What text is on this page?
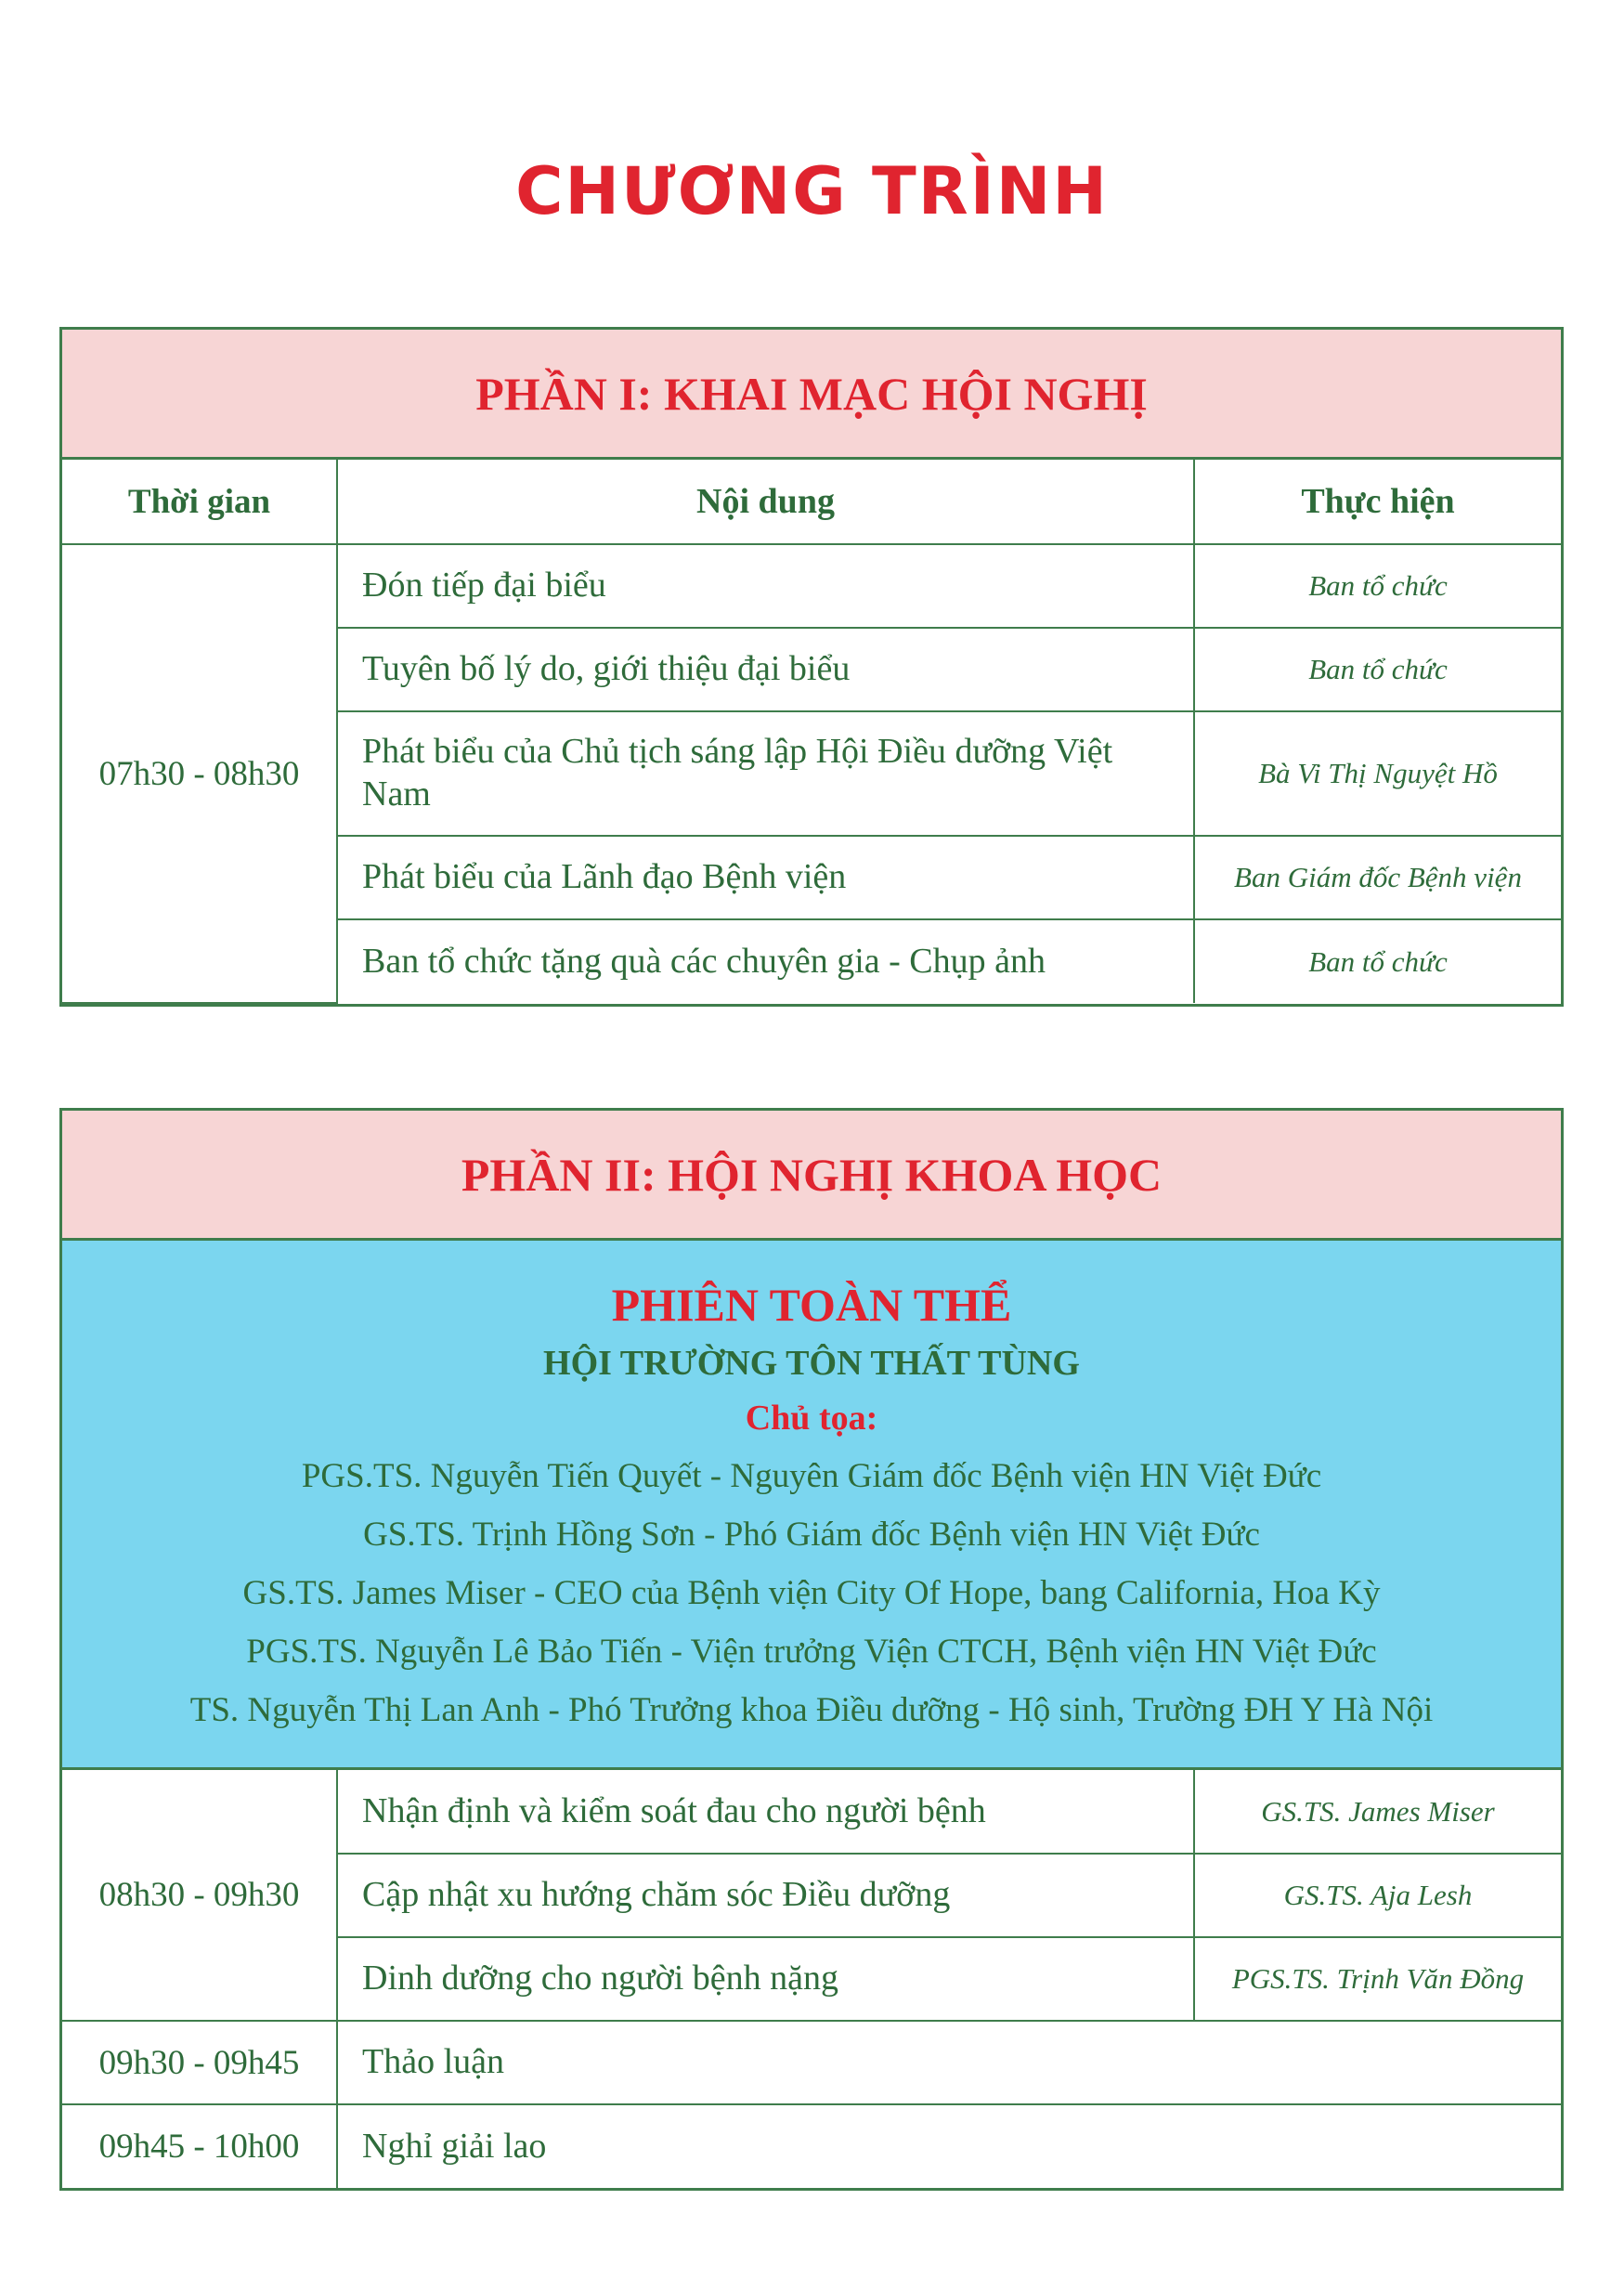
CHƯƠNG TRÌNH
PHẦN I: KHAI MẠC HỘI NGHỊ
Thời gian	Nội dung	Thực hiện
07h30 - 08h30	Đón tiếp đại biểu	Ban tổ chức
	Tuyên bố lý do, giới thiệu đại biểu	Ban tổ chức
	Phát biểu của Chủ tịch sáng lập Hội Điều dưỡng Việt Nam	Bà Vi Thị Nguyệt Hồ
	Phát biểu của Lãnh đạo Bệnh viện	Ban Giám đốc Bệnh viện
	Ban tổ chức tặng quà các chuyên gia - Chụp ảnh	Ban tổ chức
PHẦN II: HỘI NGHỊ KHOA HỌC
PHIÊN TOÀN THỂ
HỘI TRƯỜNG TÔN THẤT TÙNG
Chủ tọa:
PGS.TS. Nguyễn Tiến Quyết - Nguyên Giám đốc Bệnh viện HN Việt Đức
GS.TS. Trịnh Hồng Sơn - Phó Giám đốc Bệnh viện HN Việt Đức
GS.TS. James Miser - CEO của Bệnh viện City Of Hope, bang California, Hoa Kỳ
PGS.TS. Nguyễn Lê Bảo Tiến - Viện trưởng Viện CTCH, Bệnh viện HN Việt Đức
TS. Nguyễn Thị Lan Anh - Phó Trưởng khoa Điều dưỡng - Hộ sinh, Trường ĐH Y Hà Nội
08h30 - 09h30	Nhận định và kiểm soát đau cho người bệnh	GS.TS. James Miser
	Cập nhật xu hướng chăm sóc Điều dưỡng	GS.TS. Aja Lesh
	Dinh dưỡng cho người bệnh nặng	PGS.TS. Trịnh Văn Đồng
09h30 - 09h45	Thảo luận	
09h45 - 10h00	Nghỉ giải lao	
